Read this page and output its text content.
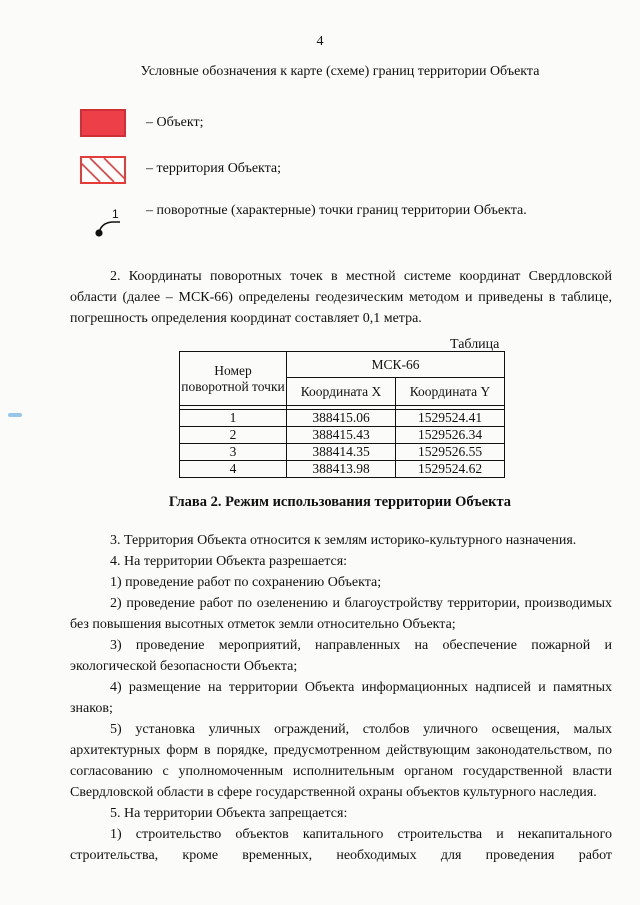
4
Условные обозначения к карте (схеме) границ территории Объекта
– Объект;
– территория Объекта;
1 – поворотные (характерные) точки границ территории Объекта.

2. Координаты поворотных точек в местной системе координат Свердловской области (далее – МСК-66) определены геодезическим методом и приведены в таблице, погрешность определения координат составляет 0,1 метра.

Таблица
Номер поворотной точки	МСК-66	
	Координата X	Координата Y

1	388415.06	1529524.41
2	388415.43	1529526.34
3	388414.35	1529526.55
4	388413.98	1529524.62
Глава 2. Режим использования территории Объекта

3. Территория Объекта относится к землям историко-культурного назначения.

4. На территории Объекта разрешается:

1) проведение работ по сохранению Объекта;

2) проведение работ по озеленению и благоустройству территории, производимых без повышения высотных отметок земли относительно Объекта;

3) проведение мероприятий, направленных на обеспечение пожарной и экологической безопасности Объекта;

4) размещение на территории Объекта информационных надписей и памятных знаков;

5) установка уличных ограждений, столбов уличного освещения, малых архитектурных форм в порядке, предусмотренном действующим законодательством, по согласованию с уполномоченным исполнительным органом государственной власти Свердловской области в сфере государственной охраны объектов культурного наследия.

5. На территории Объекта запрещается:

1) строительство объектов капитального строительства и некапитального строительства, кроме временных, необходимых для проведения работ
